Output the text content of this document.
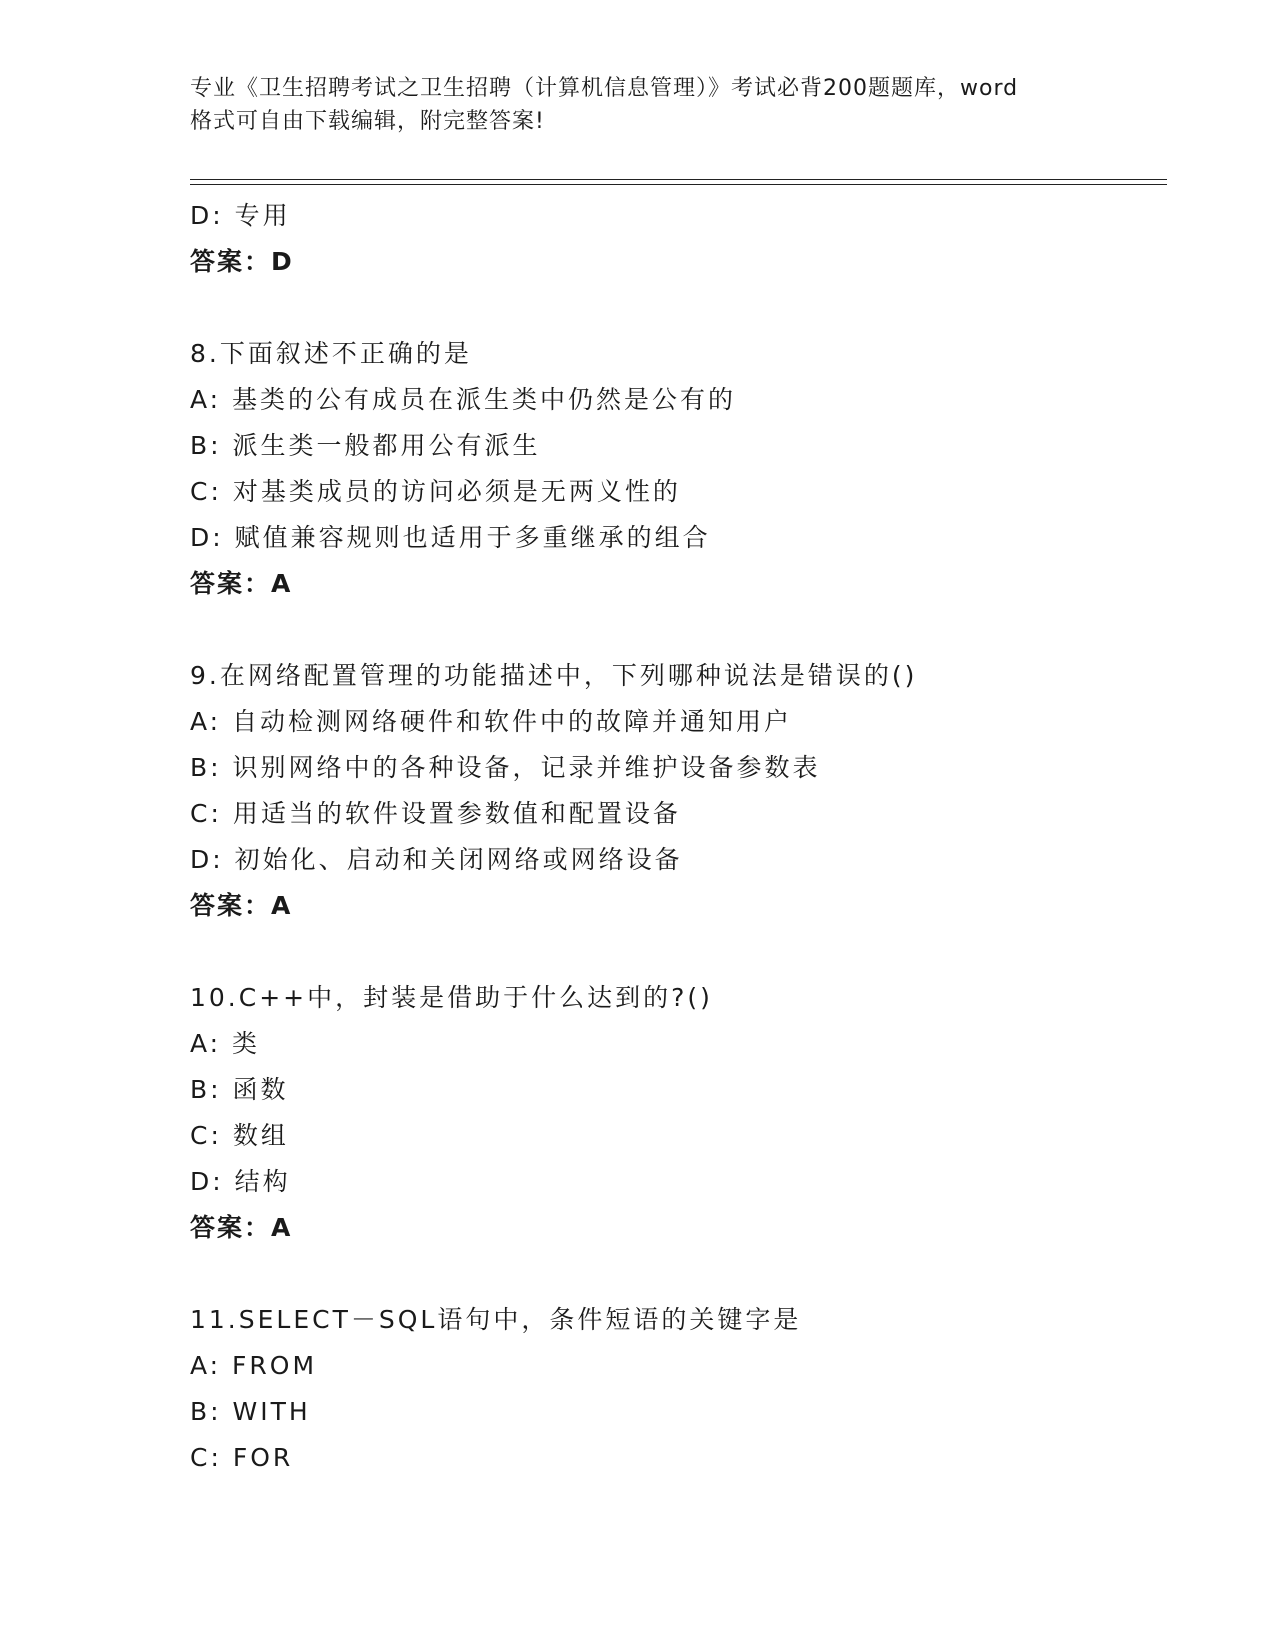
专业《卫生招聘考试之卫生招聘（计算机信息管理）》考试必背200题题库，word
格式可自由下载编辑，附完整答案!
D: 专用
答案：D
8.下面叙述不正确的是
A: 基类的公有成员在派生类中仍然是公有的
B: 派生类一般都用公有派生
C: 对基类成员的访问必须是无两义性的
D: 赋值兼容规则也适用于多重继承的组合
答案：A
9.在网络配置管理的功能描述中，下列哪种说法是错误的()
A: 自动检测网络硬件和软件中的故障并通知用户
B: 识别网络中的各种设备，记录并维护设备参数表
C: 用适当的软件设置参数值和配置设备
D: 初始化、启动和关闭网络或网络设备
答案：A
10.C++中，封装是借助于什么达到的?()
A: 类
B: 函数
C: 数组
D: 结构
答案：A
11.SELECT－SQL语句中，条件短语的关键字是
A: FROM
B: WITH
C: FOR
